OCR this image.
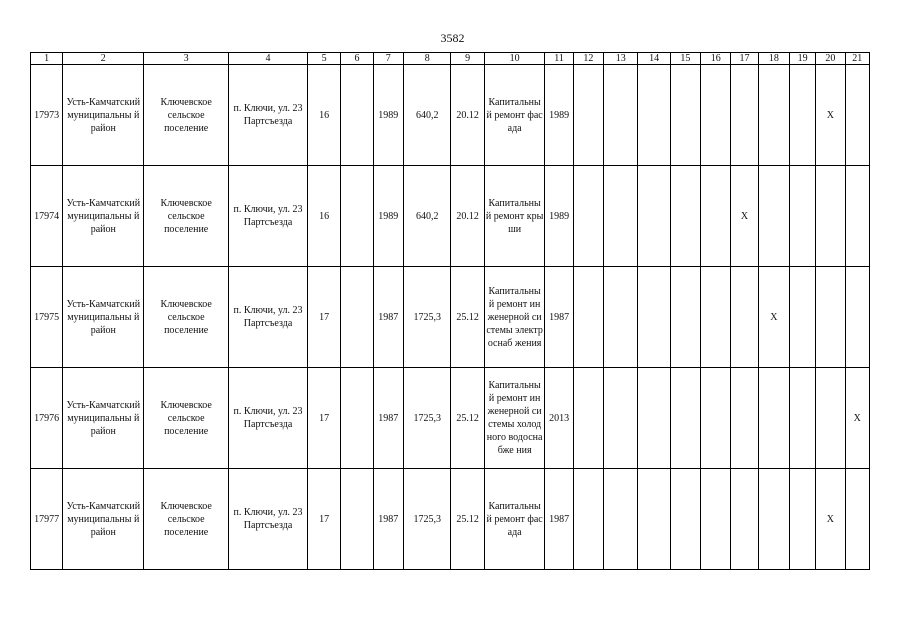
3582
1	2	3	4	5	6	7	8	9	10	11	12	13	14	15	16	17	18	19	20	21
17973	Усть-Камчатский муниципальны й район	Ключевское сельское поселение	п. Ключи, ул. 23 Партсъезда	16		1989	640,2	20.12	Капитальны й ремонт фасада	1989									X	
17974	Усть-Камчатский муниципальны й район	Ключевское сельское поселение	п. Ключи, ул. 23 Партсъезда	16		1989	640,2	20.12	Капитальны й ремонт крыши	1989						X				
17975	Усть-Камчатский муниципальны й район	Ключевское сельское поселение	п. Ключи, ул. 23 Партсъезда	17		1987	1725,3	25.12	Капитальны й ремонт инженерной системы электроснаб жения	1987							X			
17976	Усть-Камчатский муниципальны й район	Ключевское сельское поселение	п. Ключи, ул. 23 Партсъезда	17		1987	1725,3	25.12	Капитальны й ремонт инженерной системы холодного водоснабже ния	2013										X
17977	Усть-Камчатский муниципальны й район	Ключевское сельское поселение	п. Ключи, ул. 23 Партсъезда	17		1987	1725,3	25.12	Капитальны й ремонт фасада	1987									X	
